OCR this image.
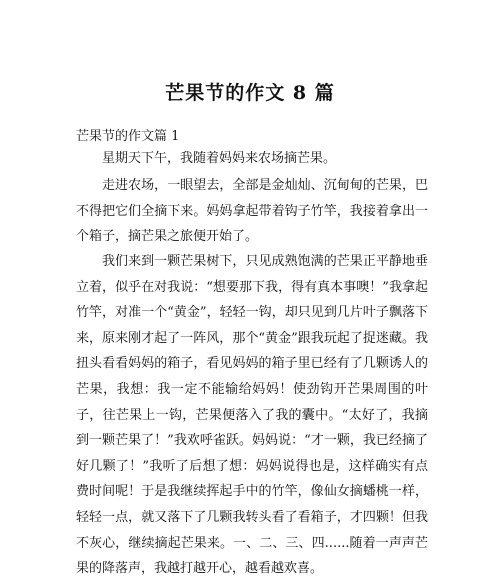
芒果节的作文 8 篇
芒果节的作文篇 1

星期天下午，我随着妈妈来农场摘芒果。

走进农场，一眼望去，全部是金灿灿、沉甸甸的芒果，巴不得把它们全摘下来。妈妈拿起带着钩子竹竿，我接着拿出一个箱子，摘芒果之旅便开始了。

我们来到一颗芒果树下，只见成熟饱满的芒果正平静地垂立着，似乎在对我说：“想要那下我，得有真本事噢！”我拿起竹竿，对准一个“黄金”，轻轻一钩，却只见到几片叶子飘落下来，原来刚才起了一阵风，那个“黄金”跟我玩起了捉迷藏。我扭头看看妈妈的箱子，看见妈妈的箱子里已经有了几颗诱人的芒果，我想：我一定不能输给妈妈！使劲钩开芒果周围的叶子，往芒果上一钩，芒果便落入了我的囊中。“太好了，我摘到一颗芒果了！”我欢呼雀跃。妈妈说：“才一颗，我已经摘了好几颗了！”我听了后想了想：妈妈说得也是，这样确实有点费时间呢！于是我继续挥起手中的竹竿，像仙女摘蟠桃一样，轻轻一点，就又落下了几颗我转头看了看箱子，才四颗！但我不灰心，继续摘起芒果来。一、二、三、四......随着一声声芒果的降落声，我越打越开心，越看越欢喜。
